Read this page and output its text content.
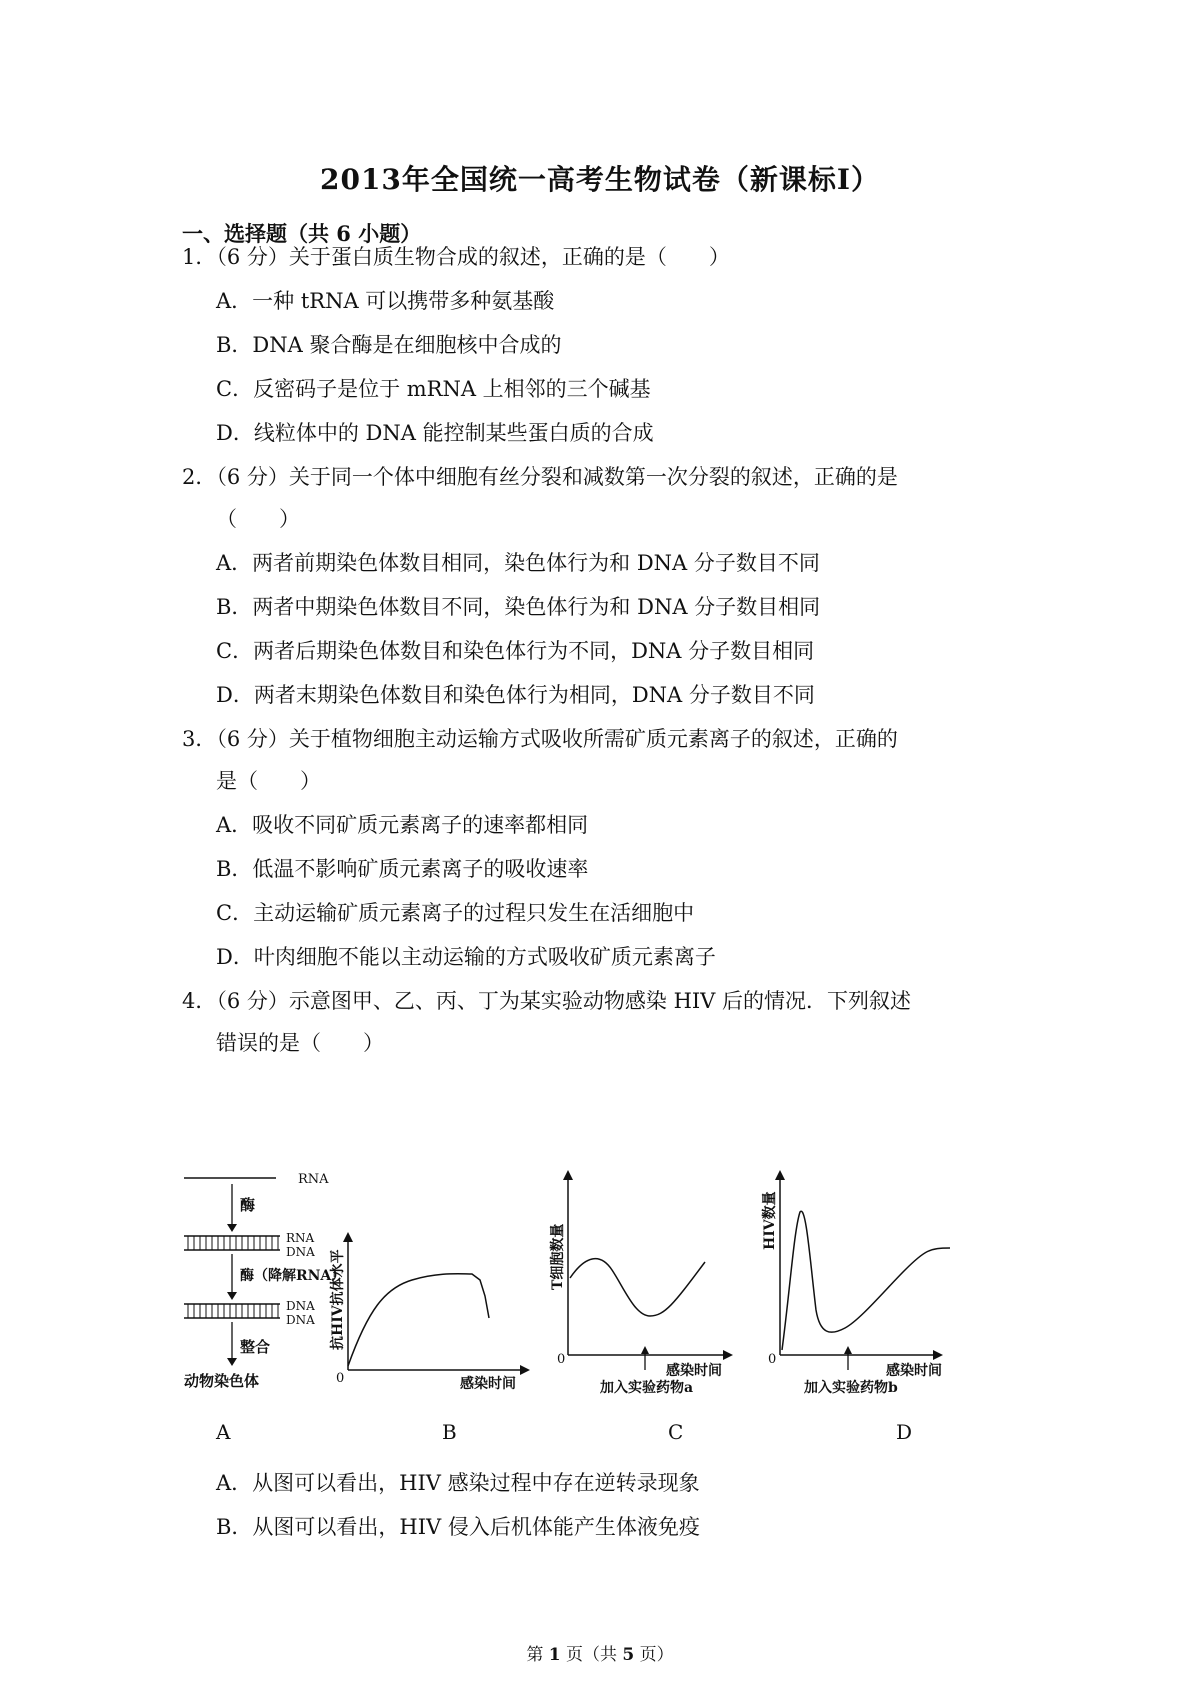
2013年全国统一高考生物试卷（新课标Ⅰ）
一、选择题（共 6 小题）
1．（6 分）关于蛋白质生物合成的叙述，正确的是（　　）
A．一种 tRNA 可以携带多种氨基酸
B．DNA 聚合酶是在细胞核中合成的
C．反密码子是位于 mRNA 上相邻的三个碱基
D．线粒体中的 DNA 能控制某些蛋白质的合成
2．（6 分）关于同一个体中细胞有丝分裂和减数第一次分裂的叙述，正确的是
（　　）
A．两者前期染色体数目相同，染色体行为和 DNA 分子数目不同
B．两者中期染色体数目不同，染色体行为和 DNA 分子数目相同
C．两者后期染色体数目和染色体行为不同，DNA 分子数目相同
D．两者末期染色体数目和染色体行为相同，DNA 分子数目不同
3．（6 分）关于植物细胞主动运输方式吸收所需矿质元素离子的叙述，正确的
是（　　）
A．吸收不同矿质元素离子的速率都相同
B．低温不影响矿质元素离子的吸收速率
C．主动运输矿质元素离子的过程只发生在活细胞中
D．叶肉细胞不能以主动运输的方式吸收矿质元素离子
4．（6 分）示意图甲、乙、丙、丁为某实验动物感染 HIV 后的情况．下列叙述
错误的是（　　）
RNA
酶
RNA
DNA
酶（降解RNA）
DNA
DNA
整合
动物染色体	0	感染时间
抗HIV抗体水平
0
感染时间
加入实验药物a
T细胞数量
0
感染时间
加入实验药物b
HIV数量
A	B	C	D
A．从图可以看出，HIV 感染过程中存在逆转录现象
B．从图可以看出，HIV 侵入后机体能产生体液免疫
第 1 页（共 5 页）
